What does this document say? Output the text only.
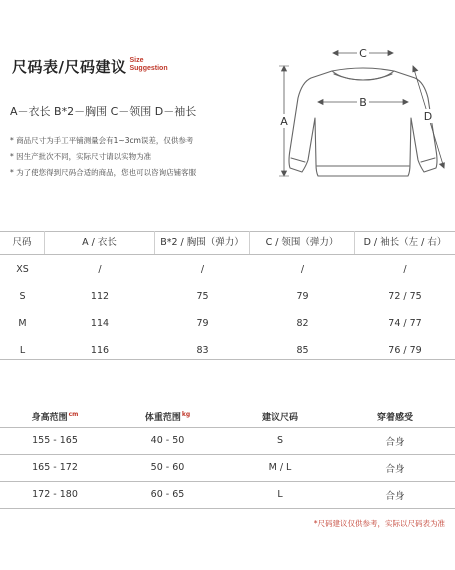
尺码表/尺码建议 Size
Suggestion
A－衣长 B*2－胸围 C－领围 D－袖长
* 商品尺寸为手工平铺测量会有1~3cm误差，仅供参考
* 因生产批次不同，实际尺寸请以实物为准
* 为了使您得到尺码合适的商品，您也可以咨询店铺客服
C
B
A	D
尺码	A / 衣长	B*2 / 胸围（弹力）	C / 领围（弹力）	D / 袖长（左 / 右）
XS	/	/	/	/
S	112	75	79	72 / 75
M	114	79	82	74 / 77
L	116	83	85	76 / 79
身高范围$^{cm}$	体重范围$^{kg}$	建议尺码	穿着感受
155 - 165	40 - 50	S	合身
165 - 172	50 - 60	M / L	合身
172 - 180	60 - 65	L	合身
*尺码建议仅供参考，实际以尺码表为准
